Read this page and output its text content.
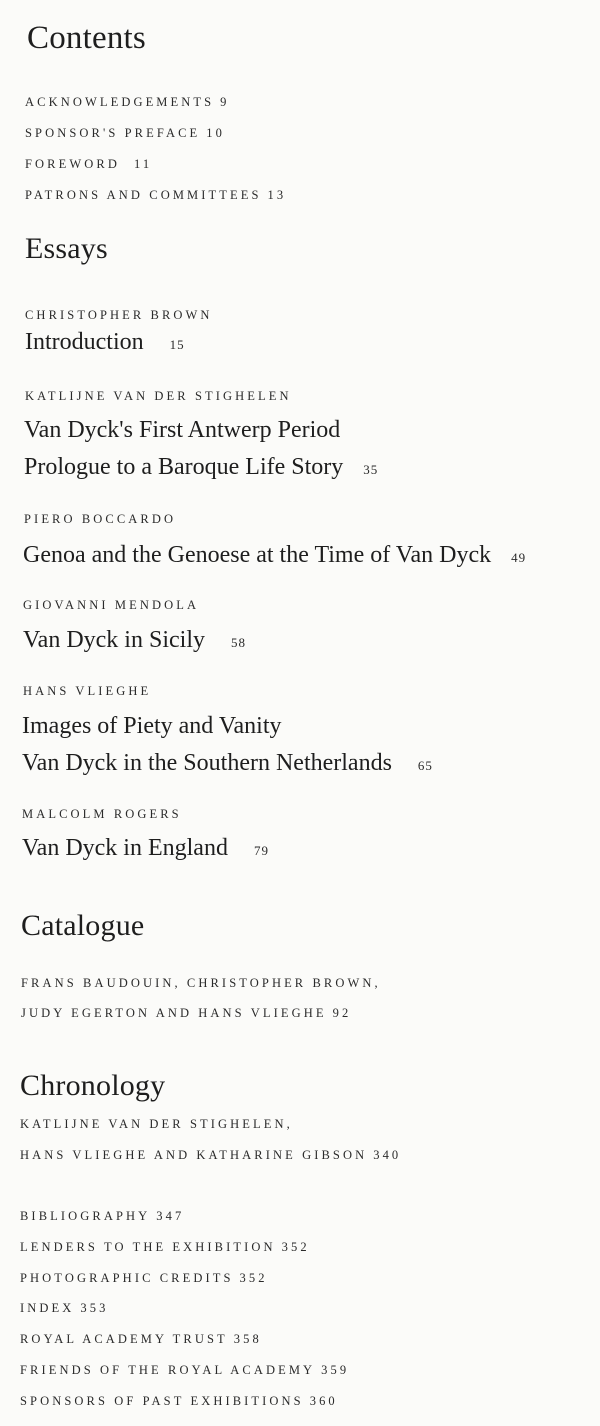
Contents
ACKNOWLEDGEMENTS 9
SPONSOR'S PREFACE 10
FOREWORD 11
PATRONS AND COMMITTEES 13
Essays
CHRISTOPHER BROWN
Introduction 15
KATLIJNE VAN DER STIGHELEN
Van Dyck's First Antwerp Period
Prologue to a Baroque Life Story 35
PIERO BOCCARDO
Genoa and the Genoese at the Time of Van Dyck 49
GIOVANNI MENDOLA
Van Dyck in Sicily 58
HANS VLIEGHE
Images of Piety and Vanity
Van Dyck in the Southern Netherlands 65
MALCOLM ROGERS
Van Dyck in England 79
Catalogue
FRANS BAUDOUIN, CHRISTOPHER BROWN,
JUDY EGERTON AND HANS VLIEGHE 92
Chronology
KATLIJNE VAN DER STIGHELEN,
HANS VLIEGHE AND KATHARINE GIBSON 340
BIBLIOGRAPHY 347
LENDERS TO THE EXHIBITION 352
PHOTOGRAPHIC CREDITS 352
INDEX 353
ROYAL ACADEMY TRUST 358
FRIENDS OF THE ROYAL ACADEMY 359
SPONSORS OF PAST EXHIBITIONS 360
